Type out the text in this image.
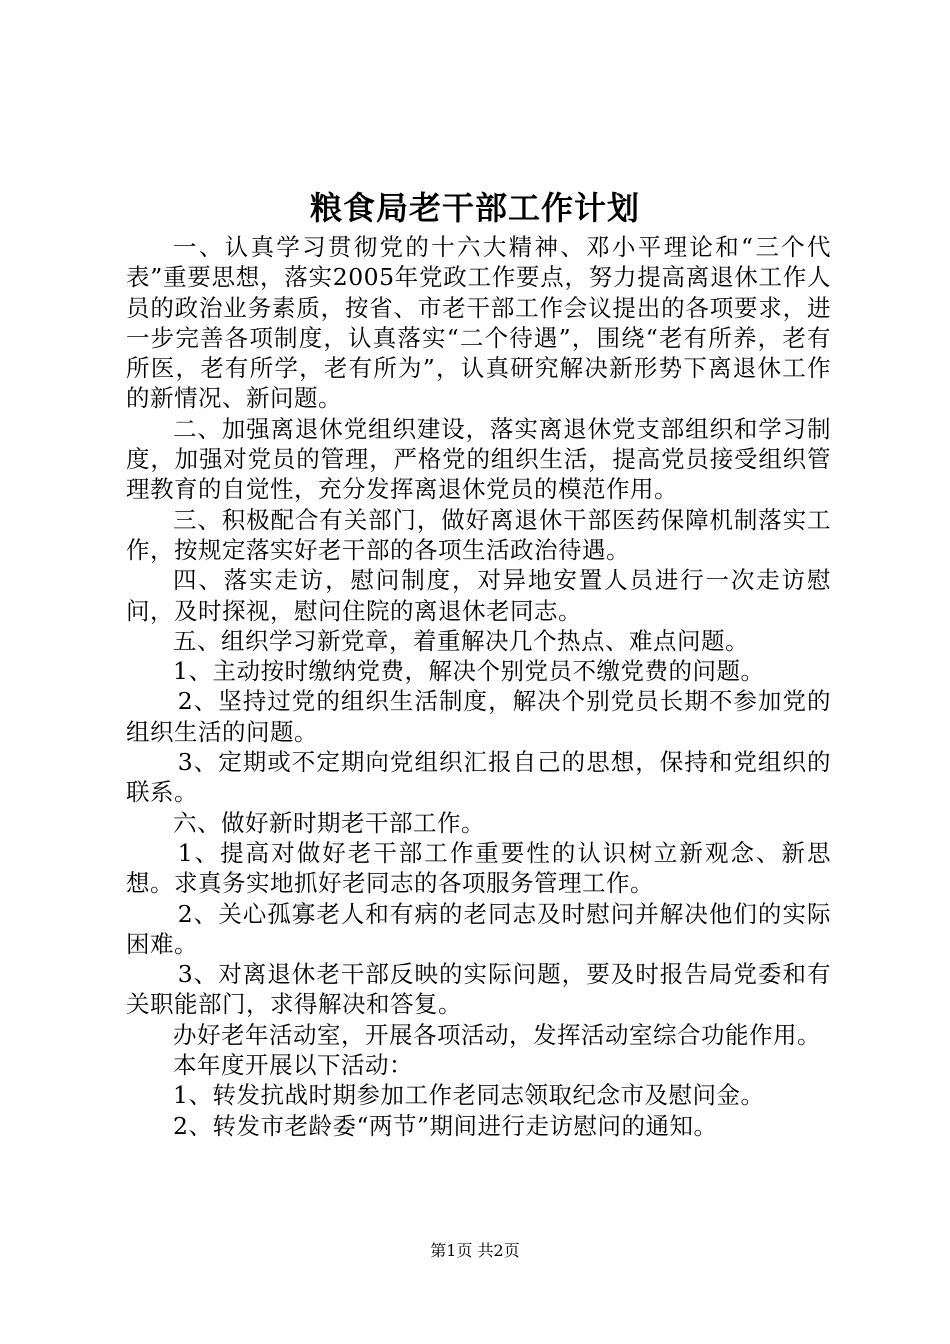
粮食局老干部工作计划

一、认真学习贯彻党的十六大精神、邓小平理论和“三个代表”重要思想，落实2005年党政工作要点，努力提高离退休工作人员的政治业务素质，按省、市老干部工作会议提出的各项要求，进一步完善各项制度，认真落实“二个待遇”，围绕“老有所养，老有所医，老有所学，老有所为”，认真研究解决新形势下离退休工作的新情况、新问题。

二、加强离退休党组织建设，落实离退休党支部组织和学习制度，加强对党员的管理，严格党的组织生活，提高党员接受组织管理教育的自觉性，充分发挥离退休党员的模范作用。

三、积极配合有关部门，做好离退休干部医药保障机制落实工作，按规定落实好老干部的各项生活政治待遇。

四、落实走访，慰问制度，对异地安置人员进行一次走访慰问，及时探视，慰问住院的离退休老同志。

五、组织学习新党章，着重解决几个热点、难点问题。

1、主动按时缴纳党费，解决个别党员不缴党费的问题。

2、坚持过党的组织生活制度，解决个别党员长期不参加党的组织生活的问题。

3、定期或不定期向党组织汇报自己的思想，保持和党组织的联系。

六、做好新时期老干部工作。

1、提高对做好老干部工作重要性的认识树立新观念、新思想。求真务实地抓好老同志的各项服务管理工作。

2、关心孤寡老人和有病的老同志及时慰问并解决他们的实际困难。

3、对离退休老干部反映的实际问题，要及时报告局党委和有关职能部门，求得解决和答复。

办好老年活动室，开展各项活动，发挥活动室综合功能作用。

本年度开展以下活动：

1、转发抗战时期参加工作老同志领取纪念市及慰问金。

2、转发市老龄委“两节”期间进行走访慰问的通知。

第1页 共2页
